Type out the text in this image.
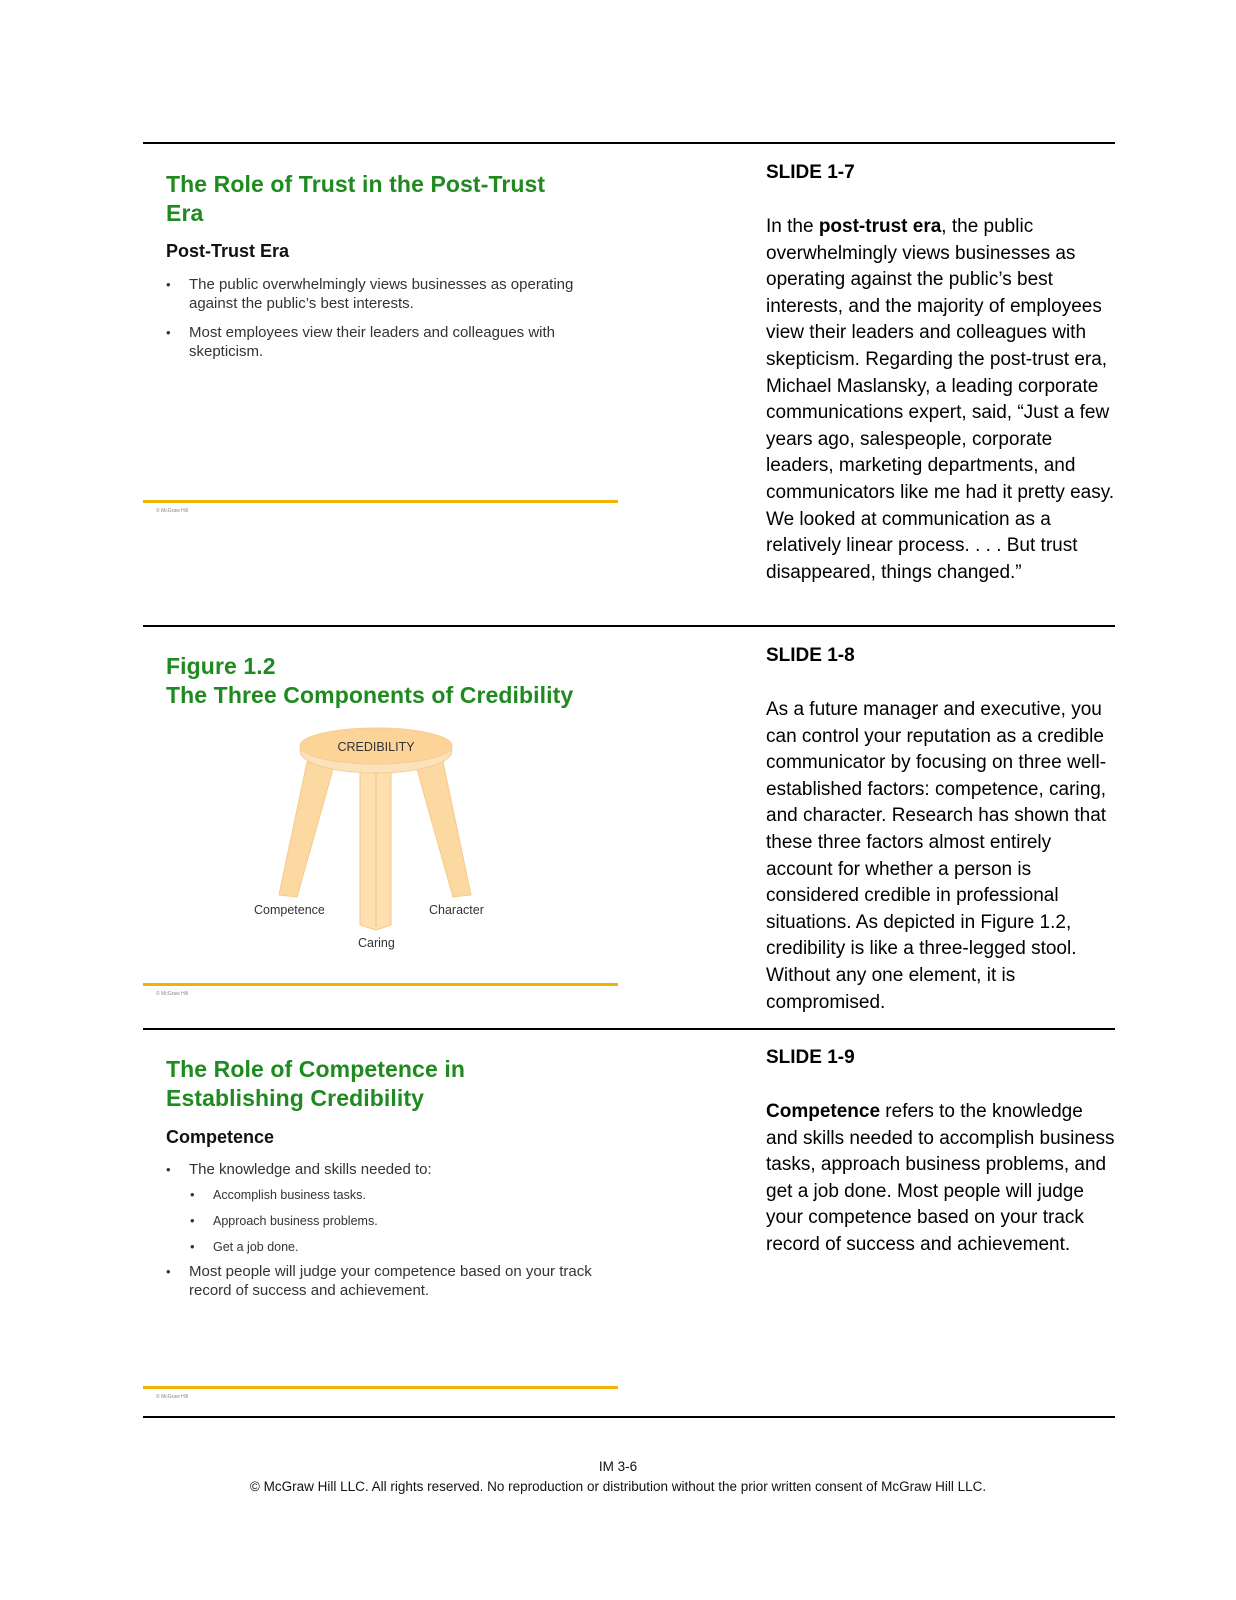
The Role of Trust in the Post-Trust Era
Post-Trust Era
• The public overwhelmingly views businesses as operating against the public’s best interests.
• Most employees view their leaders and colleagues with skepticism.
© McGraw Hill

SLIDE 1-7

In the post-trust era, the public overwhelmingly views businesses as operating against the public’s best interests, and the majority of employees view their leaders and colleagues with skepticism. Regarding the post-trust era, Michael Maslansky, a leading corporate communications expert, said, “Just a few years ago, salespeople, corporate leaders, marketing departments, and communicators like me had it pretty easy. We looked at communication as a relatively linear process. . . . But trust disappeared, things changed.”

Figure 1.2
The Three Components of Credibility
CREDIBILITY
Competence
Caring
Character
© McGraw Hill

SLIDE 1-8

As a future manager and executive, you can control your reputation as a credible communicator by focusing on three well-established factors: competence, caring, and character. Research has shown that these three factors almost entirely account for whether a person is considered credible in professional situations. As depicted in Figure 1.2, credibility is like a three-legged stool. Without any one element, it is compromised.

The Role of Competence in Establishing Credibility
Competence
• The knowledge and skills needed to:
• Accomplish business tasks.
• Approach business problems.
• Get a job done.
• Most people will judge your competence based on your track record of success and achievement.
© McGraw Hill

SLIDE 1-9

Competence refers to the knowledge and skills needed to accomplish business tasks, approach business problems, and get a job done. Most people will judge your competence based on your track record of success and achievement.

IM 3-6
© McGraw Hill LLC. All rights reserved. No reproduction or distribution without the prior written consent of McGraw Hill LLC.
